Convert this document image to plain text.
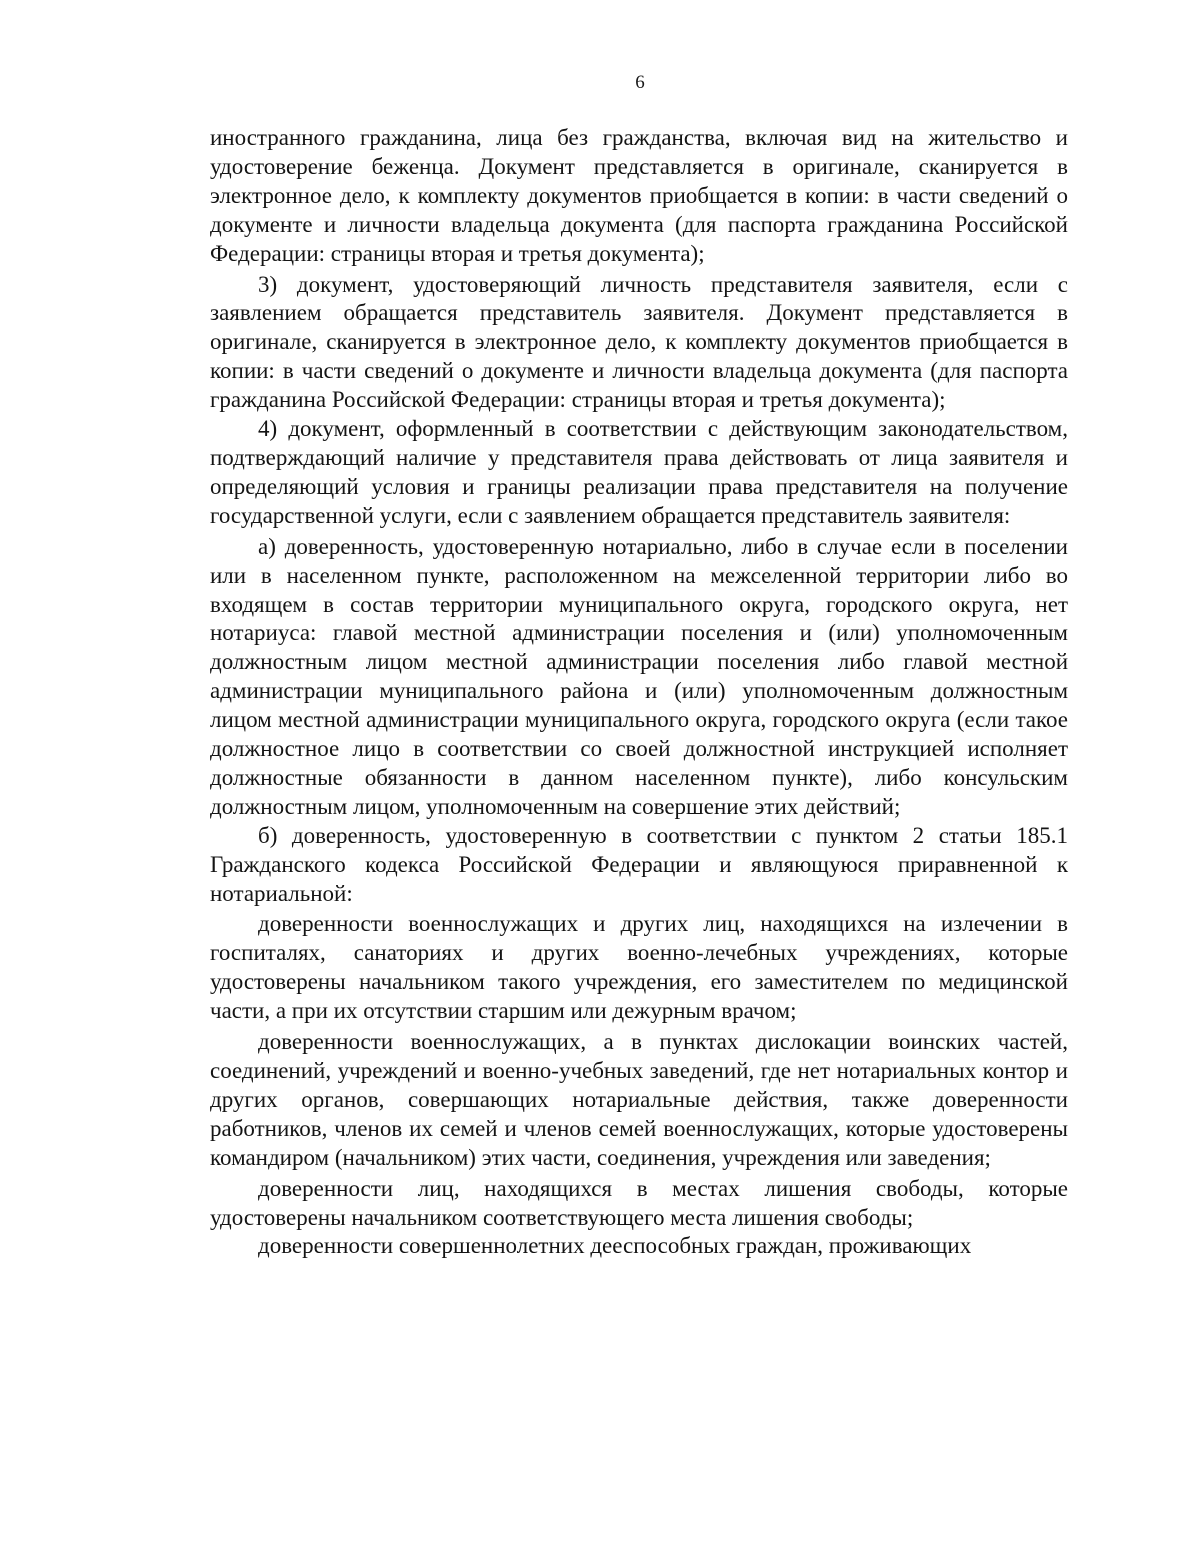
6

иностранного гражданина, лица без гражданства, включая вид на жительство и удостоверение беженца. Документ представляется в оригинале, сканируется в электронное дело, к комплекту документов приобщается в копии: в части сведений о документе и личности владельца документа (для паспорта гражданина Российской Федерации: страницы вторая и третья документа);

3) документ, удостоверяющий личность представителя заявителя, если с заявлением обращается представитель заявителя. Документ представляется в оригинале, сканируется в электронное дело, к комплекту документов приобщается в копии: в части сведений о документе и личности владельца документа (для паспорта гражданина Российской Федерации: страницы вторая и третья документа);

4) документ, оформленный в соответствии с действующим законодательством, подтверждающий наличие у представителя права действовать от лица заявителя и определяющий условия и границы реализации права представителя на получение государственной услуги, если с заявлением обращается представитель заявителя:

а) доверенность, удостоверенную нотариально, либо в случае если в поселении или в населенном пункте, расположенном на межселенной территории либо во входящем в состав территории муниципального округа, городского округа, нет нотариуса: главой местной администрации поселения и (или) уполномоченным должностным лицом местной администрации поселения либо главой местной администрации муниципального района и (или) уполномоченным должностным лицом местной администрации муниципального округа, городского округа (если такое должностное лицо в соответствии со своей должностной инструкцией исполняет должностные обязанности в данном населенном пункте), либо консульским должностным лицом, уполномоченным на совершение этих действий;

б) доверенность, удостоверенную в соответствии с пунктом 2 статьи 185.1 Гражданского кодекса Российской Федерации и являющуюся приравненной к нотариальной:

доверенности военнослужащих и других лиц, находящихся на излечении в госпиталях, санаториях и других военно-лечебных учреждениях, которые удостоверены начальником такого учреждения, его заместителем по медицинской части, а при их отсутствии старшим или дежурным врачом;

доверенности военнослужащих, а в пунктах дислокации воинских частей, соединений, учреждений и военно-учебных заведений, где нет нотариальных контор и других органов, совершающих нотариальные действия, также доверенности работников, членов их семей и членов семей военнослужащих, которые удостоверены командиром (начальником) этих части, соединения, учреждения или заведения;

доверенности лиц, находящихся в местах лишения свободы, которые удостоверены начальником соответствующего места лишения свободы;

доверенности совершеннолетних дееспособных граждан, проживающих
